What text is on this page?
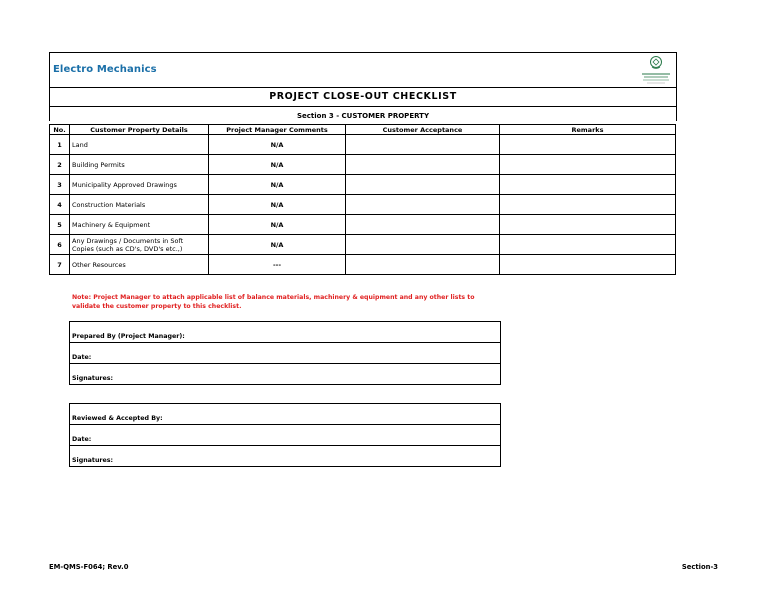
Electro Mechanics
PROJECT CLOSE-OUT CHECKLIST
Section 3 - CUSTOMER PROPERTY
No.	Customer Property Details	Project Manager Comments	Customer Acceptance	Remarks
1	Land	N/A		
2	Building Permits	N/A		
3	Municipality Approved Drawings	N/A		
4	Construction Materials	N/A		
5	Machinery & Equipment	N/A		
6	Any Drawings / Documents in Soft Copies (such as CD's, DVD's etc.,)	N/A		
7	Other Resources	---		
Note: Project Manager to attach applicable list of balance materials, machinery & equipment and any other lists to validate the customer property to this checklist.
Prepared By (Project Manager):
Date:
Signatures:
Reviewed & Accepted By:
Date:
Signatures:
EM-QMS-F064; Rev.0	Section-3
